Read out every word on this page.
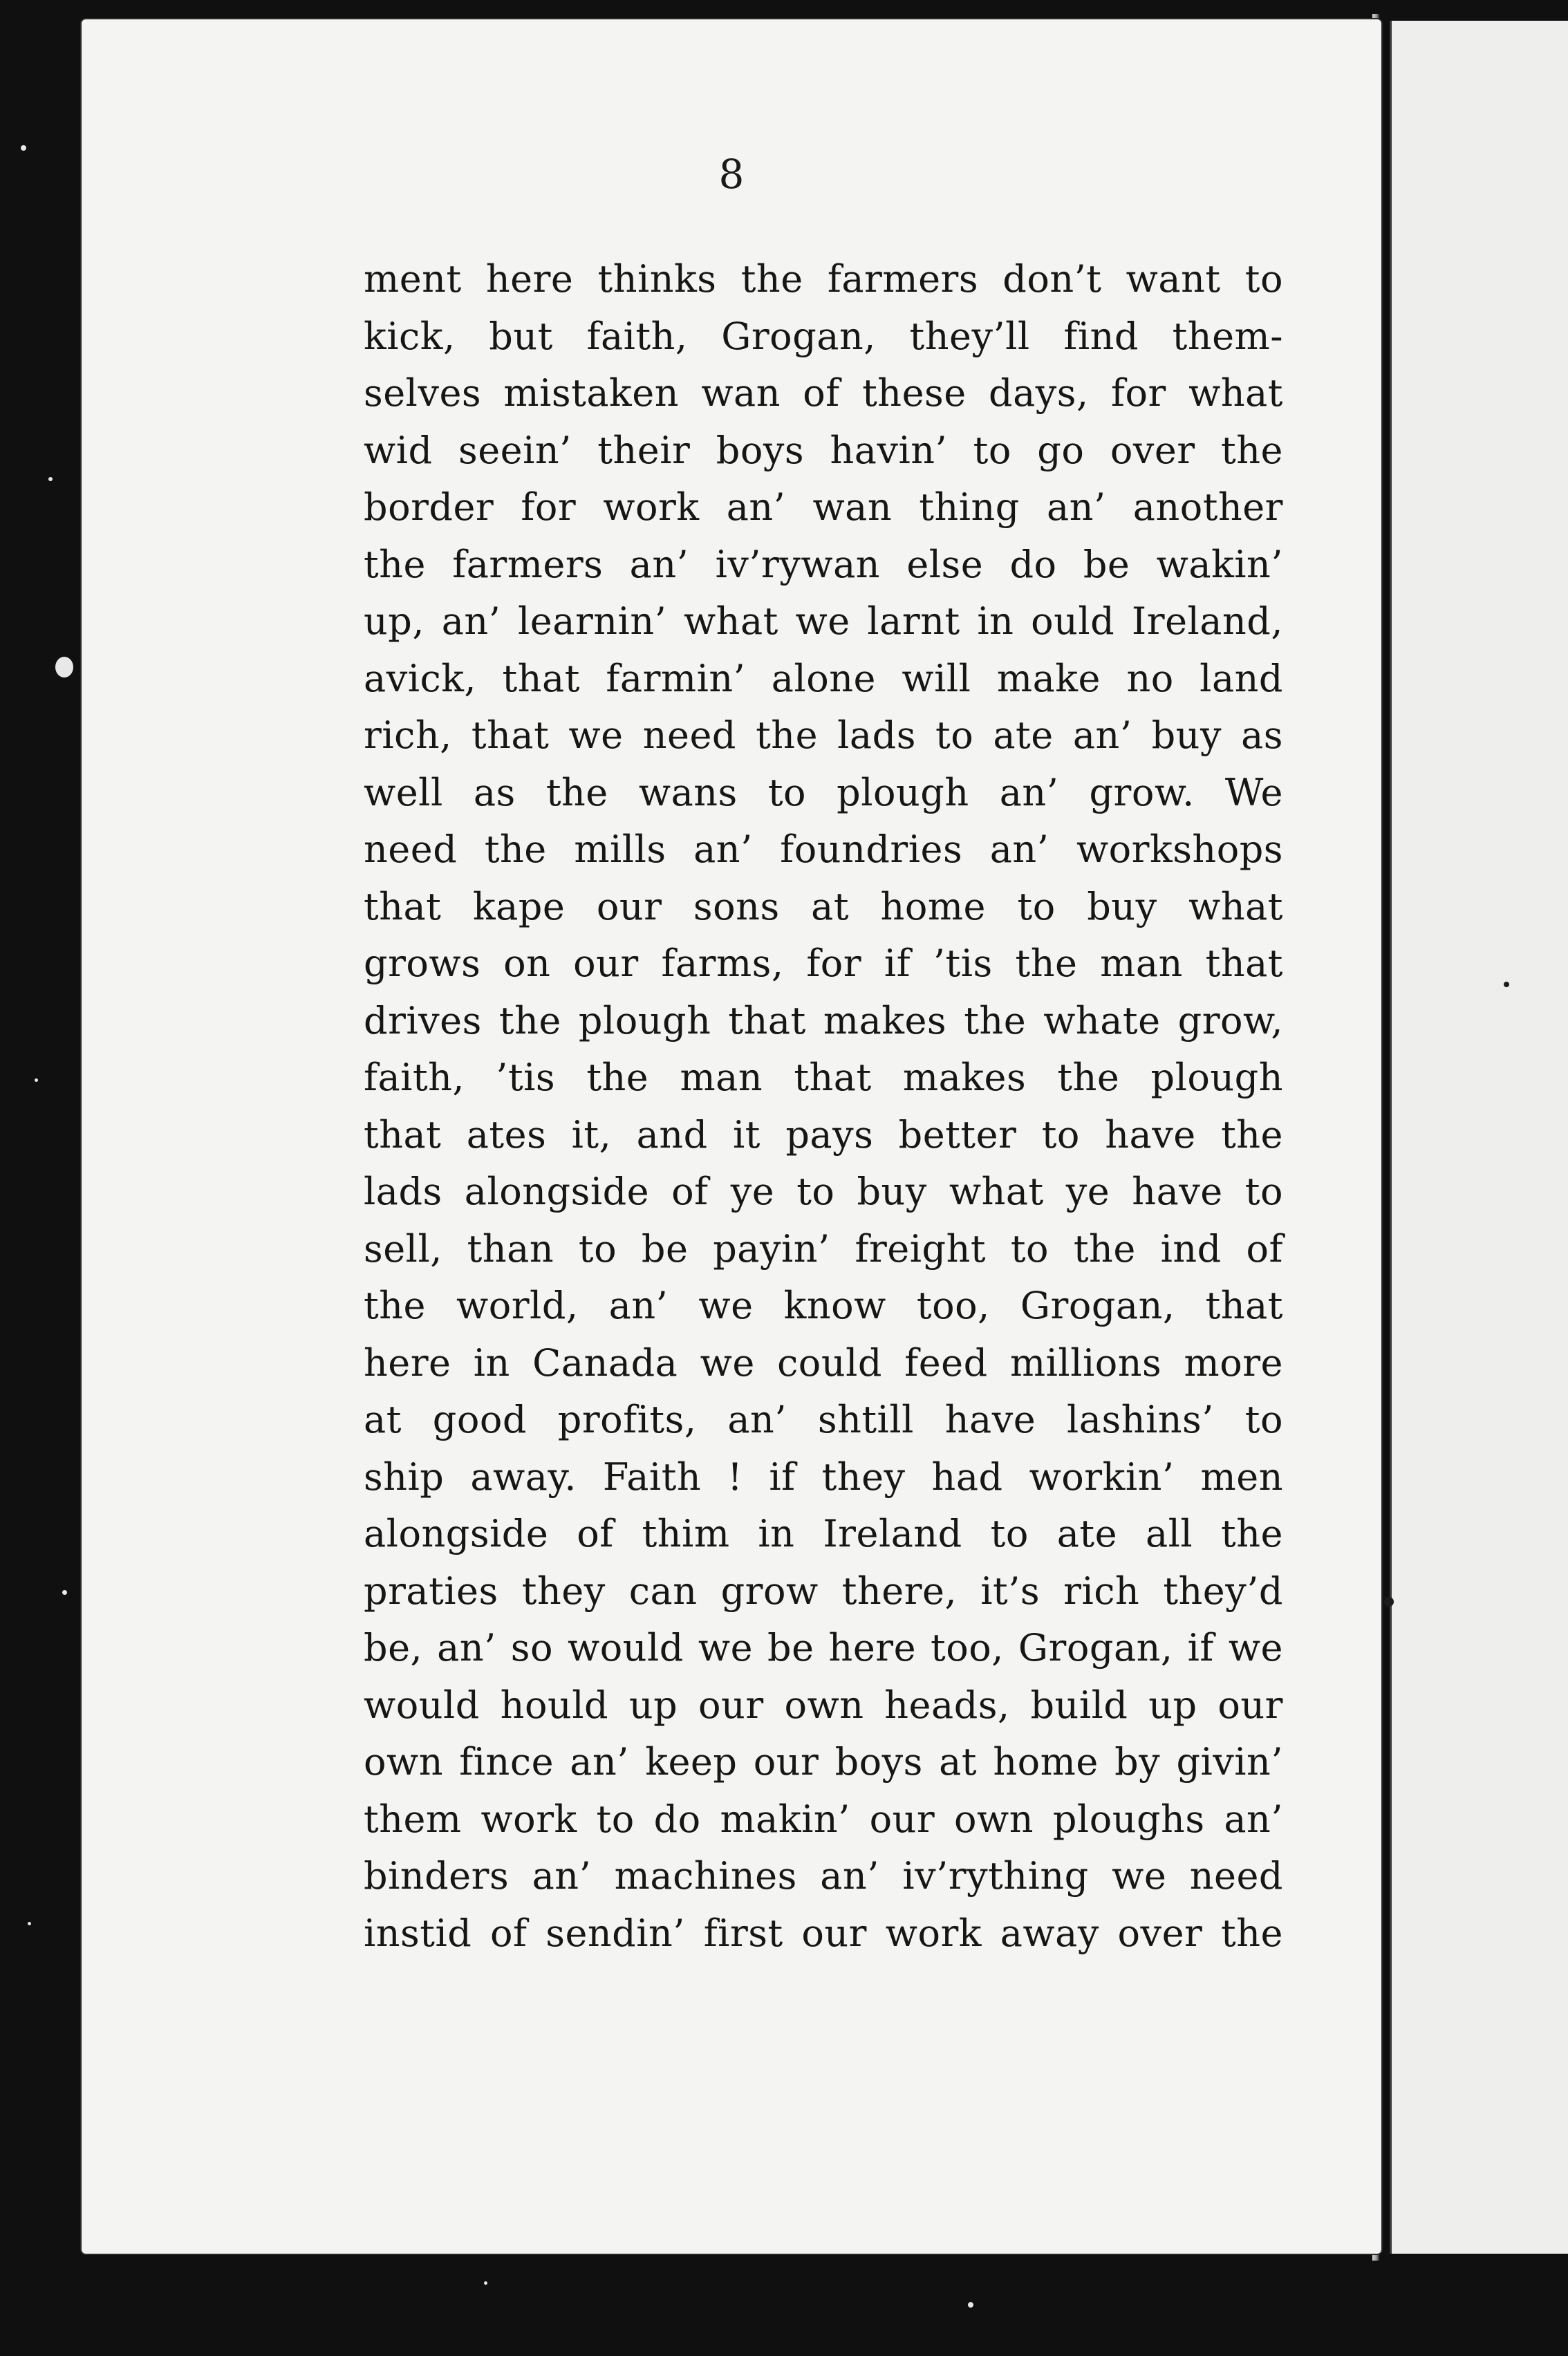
8
ment here thinks the farmers don’t want to
kick, but faith, Grogan, they’ll find them-
selves mistaken wan of these days, for what
wid seein’ their boys havin’ to go over the
border for work an’ wan thing an’ another
the farmers an’ iv’rywan else do be wakin’
up, an’ learnin’ what we larnt in ould Ireland,
avick, that farmin’ alone will make no land
rich, that we need the lads to ate an’ buy as
well as the wans to plough an’ grow. We
need the mills an’ foundries an’ workshops
that kape our sons at home to buy what
grows on our farms, for if ’tis the man that
drives the plough that makes the whate grow,
faith, ’tis the man that makes the plough
that ates it, and it pays better to have the
lads alongside of ye to buy what ye have to
sell, than to be payin’ freight to the ind of
the world, an’ we know too, Grogan, that
here in Canada we could feed millions more
at good profits, an’ shtill have lashins’ to
ship away. Faith ! if they had workin’ men
alongside of thim in Ireland to ate all the
praties they can grow there, it’s rich they’d
be, an’ so would we be here too, Grogan, if we
would hould up our own heads, build up our
own fince an’ keep our boys at home by givin’
them work to do makin’ our own ploughs an’
binders an’ machines an’ iv’rything we need
instid of sendin’ first our work away over the
